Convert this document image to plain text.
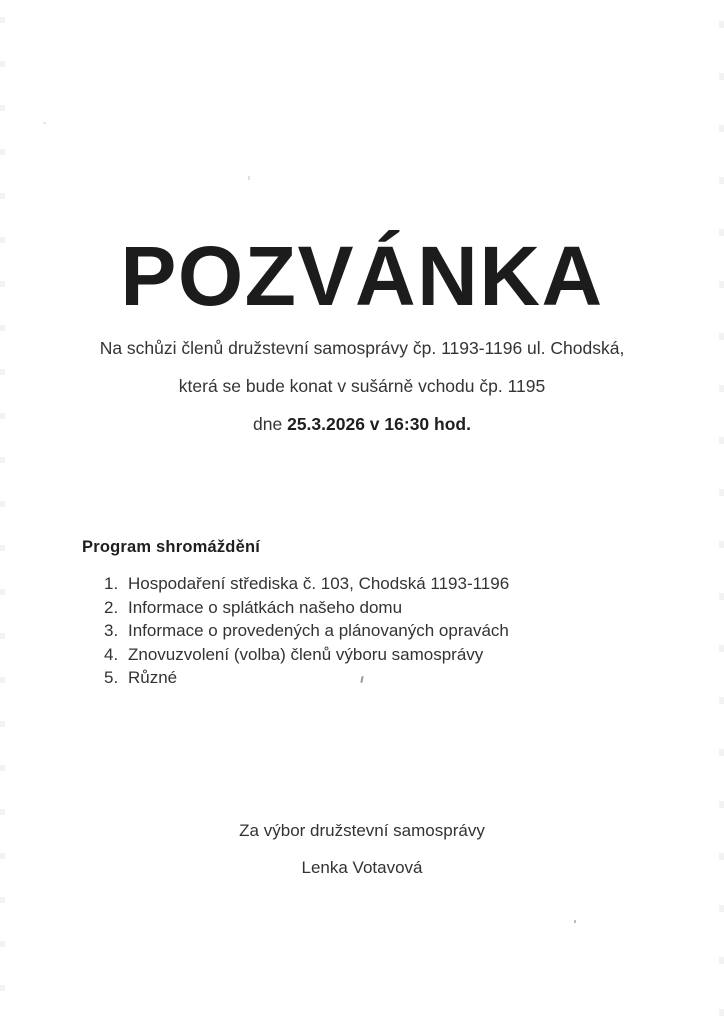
POZVÁNKA
Na schůzi členů družstevní samosprávy čp. 1193-1196 ul. Chodská,
která se bude konat v sušárně vchodu čp. 1195
dne 25.3.2026 v 16:30 hod.
Program shromáždění
1. Hospodaření střediska č. 103, Chodská 1193-1196
2. Informace o splátkách našeho domu
3. Informace o provedených a plánovaných opravách
4. Znovuzvolení (volba) členů výboru samosprávy
5. Různé
Za výbor družstevní samosprávy
Lenka Votavová
